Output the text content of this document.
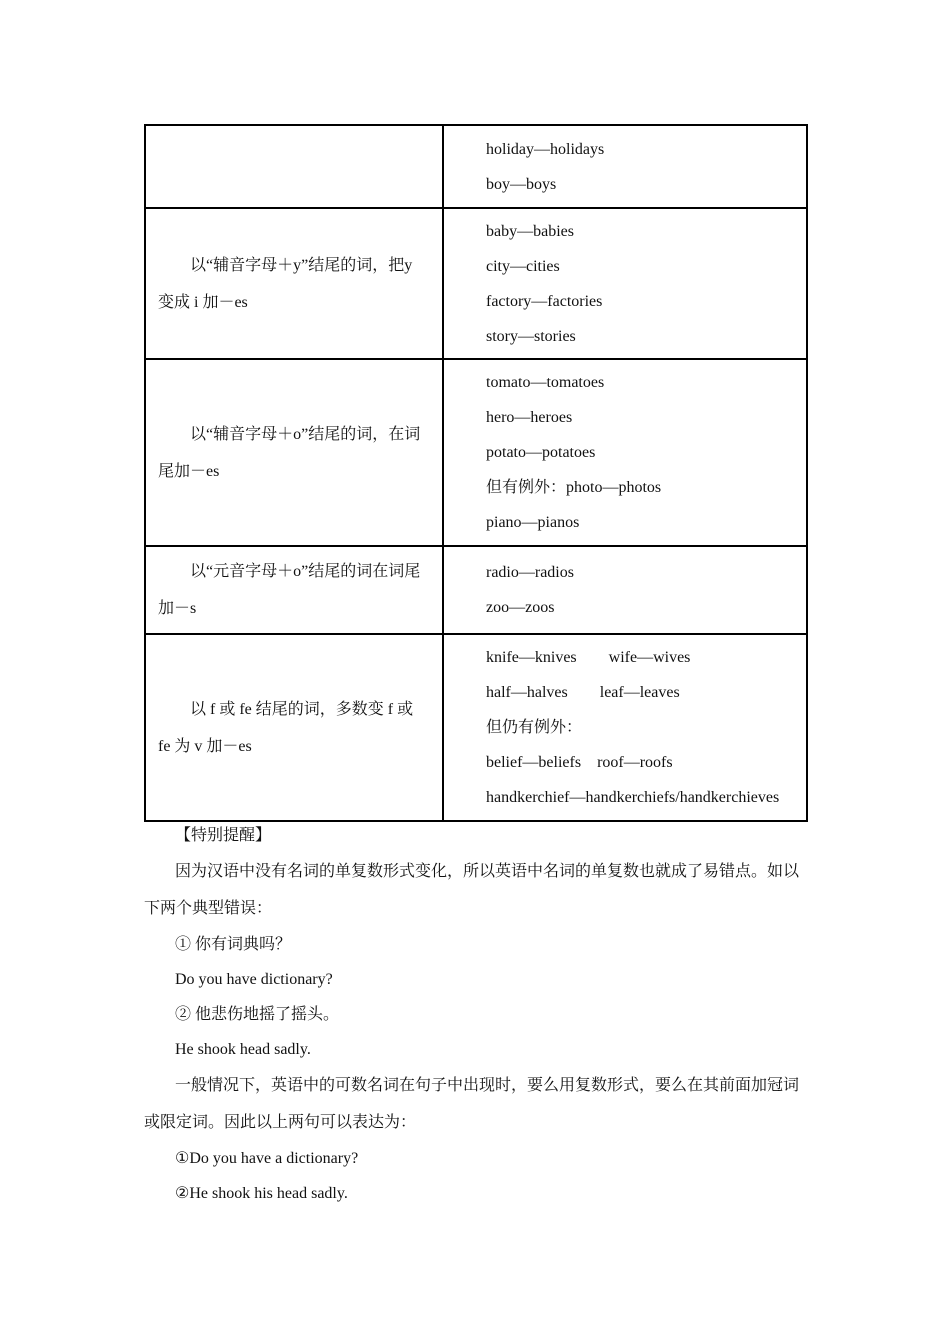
	holiday—holidays
boy—boys

以“辅音字母＋y”结尾的词，把y变成 i 加－es	baby—babies
city—cities
factory—factories
story—stories

以“辅音字母＋o”结尾的词，在词尾加－es	tomato—tomatoes
hero—heroes
potato—potatoes
但有例外：photo—photos
piano—pianos

以“元音字母＋o”结尾的词在词尾加－s	radio—radios
zoo—zoos

以 f 或 fe 结尾的词，多数变 f 或 fe 为 v 加－es	knife—knives        wife—wives
half—halves        leaf—leaves
但仍有例外：
belief—beliefs    roof—roofs
handkerchief—handkerchiefs/handkerchieves
【特别提醒】
因为汉语中没有名词的单复数形式变化，所以英语中名词的单复数也就成了易错点。如以下两个典型错误：
① 你有词典吗？
Do you have dictionary?
② 他悲伤地摇了摇头。
He shook head sadly.
一般情况下，英语中的可数名词在句子中出现时，要么用复数形式，要么在其前面加冠词或限定词。因此以上两句可以表达为：
①Do you have a dictionary?
②He shook his head sadly.
